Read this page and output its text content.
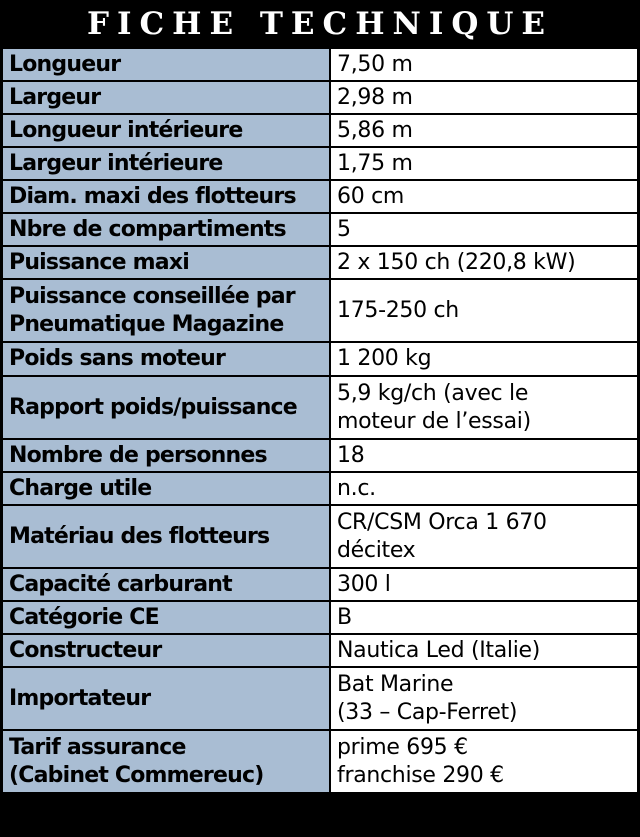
FICHE TECHNIQUE
Longueur	7,50 m

Largeur	2,98 m

Longueur intérieure	5,86 m

Largeur intérieure	1,75 m

Diam. maxi des flotteurs	60 cm

Nbre de compartiments	5

Puissance maxi	2 x 150 ch (220,8 kW)

Puissance conseillée par
Pneumatique Magazine	175-250 ch

Poids sans moteur	1 200 kg

Rapport poids/puissance	5,9 kg/ch (avec le
moteur de l’essai)

Nombre de personnes	18

Charge utile	n.c.

Matériau des flotteurs	CR/CSM Orca 1 670
décitex

Capacité carburant	300 l

Catégorie CE	B

Constructeur	Nautica Led (Italie)

Importateur	Bat Marine
(33 – Cap-Ferret)

Tarif assurance
(Cabinet Commereuc)	prime 695 €
franchise 290 €
